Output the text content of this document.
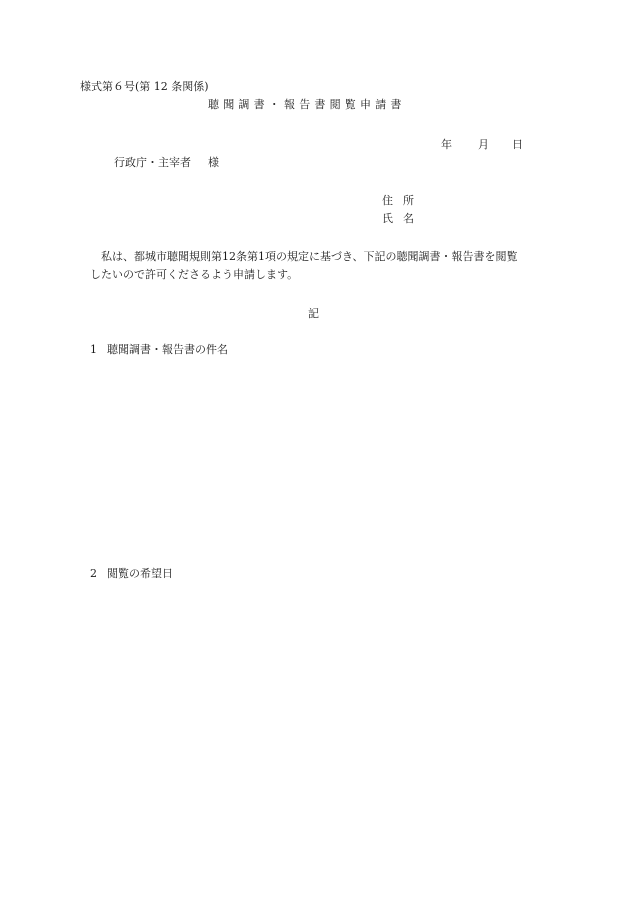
様式第６号(第 12 条関係)
聴聞調書・報告書閲覧申請書
年 月 日
行政庁・主宰者 様
住所
氏名
私は、都城市聴聞規則第12条第1項の規定に基づき、下記の聴聞調書・報告書を閲覧
したいので許可くださるよう申請します。
記
1 聴聞調書・報告書の件名
2 閲覧の希望日
